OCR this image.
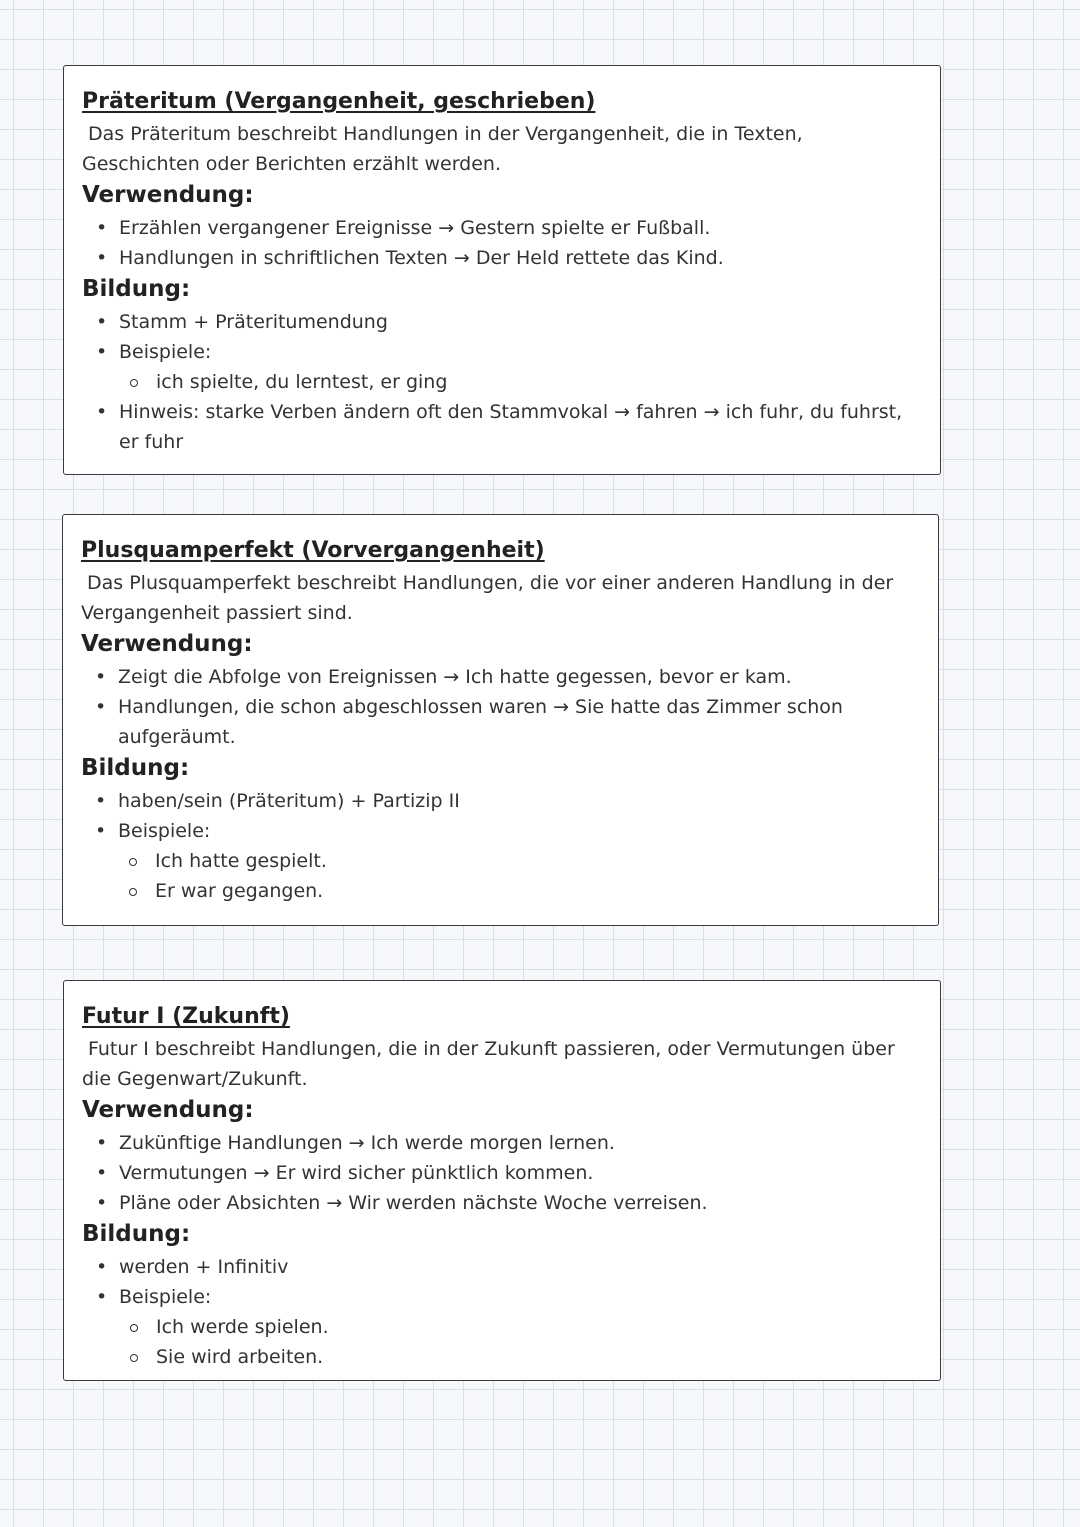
Präteritum (Vergangenheit, geschrieben)

Das Präteritum beschreibt Handlungen in der Vergangenheit, die in Texten, Geschichten oder Berichten erzählt werden.

Verwendung:
• Erzählen vergangener Ereignisse → Gestern spielte er Fußball.
• Handlungen in schriftlichen Texten → Der Held rettete das Kind.
Bildung:
• Stamm + Präteritumendung
• Beispiele:
ich spielte, du lerntest, er ging
• Hinweis: starke Verben ändern oft den Stammvokal → fahren → ich fuhr, du fuhrst, er fuhr
Plusquamperfekt (Vorvergangenheit)

Das Plusquamperfekt beschreibt Handlungen, die vor einer anderen Handlung in der Vergangenheit passiert sind.

Verwendung:
• Zeigt die Abfolge von Ereignissen → Ich hatte gegessen, bevor er kam.
• Handlungen, die schon abgeschlossen waren → Sie hatte das Zimmer schon aufgeräumt.
Bildung:
• haben/sein (Präteritum) + Partizip II
• Beispiele:
Ich hatte gespielt.
Er war gegangen.
Futur I (Zukunft)

Futur I beschreibt Handlungen, die in der Zukunft passieren, oder Vermutungen über die Gegenwart/Zukunft.

Verwendung:
• Zukünftige Handlungen → Ich werde morgen lernen.
• Vermutungen → Er wird sicher pünktlich kommen.
• Pläne oder Absichten → Wir werden nächste Woche verreisen.
Bildung:
• werden + Infinitiv
• Beispiele:
Ich werde spielen.
Sie wird arbeiten.
